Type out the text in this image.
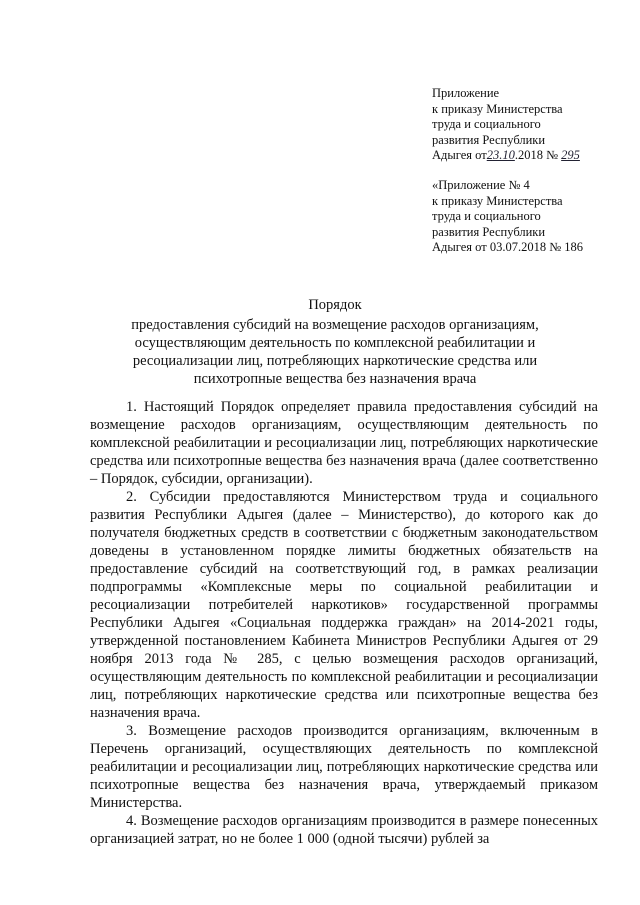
Приложение
к приказу Министерства
труда и социального
развития Республики
Адыгея от23.10.2018 № 295
«Приложение № 4
к приказу Министерства
труда и социального
развития Республики
Адыгея от 03.07.2018 № 186
Порядок
предоставления субсидий на возмещение расходов организациям,
осуществляющим деятельность по комплексной реабилитации и
ресоциализации лиц, потребляющих наркотические средства или
психотропные вещества без назначения врача

1. Настоящий Порядок определяет правила предоставления субсидий на возмещение расходов организациям, осуществляющим деятельность по комплексной реабилитации и ресоциализации лиц, потребляющих наркотические средства или психотропные вещества без назначения врача (далее соответственно – Порядок, субсидии, организации).

2. Субсидии предоставляются Министерством труда и социального развития Республики Адыгея (далее – Министерство), до которого как до получателя бюджетных средств в соответствии с бюджетным законодательством доведены в установленном порядке лимиты бюджетных обязательств на предоставление субсидий на соответствующий год, в рамках реализации подпрограммы «Комплексные меры по социальной реабилитации и ресоциализации потребителей наркотиков» государственной программы Республики Адыгея «Социальная поддержка граждан» на 2014-2021 годы, утвержденной постановлением Кабинета Министров Республики Адыгея от 29 ноября 2013 года № 285, с целью возмещения расходов организаций, осуществляющим деятельность по комплексной реабилитации и ресоциализации лиц, потребляющих наркотические средства или психотропные вещества без назначения врача.

3. Возмещение расходов производится организациям, включенным в Перечень организаций, осуществляющих деятельность по комплексной реабилитации и ресоциализации лиц, потребляющих наркотические средства или психотропные вещества без назначения врача, утверждаемый приказом Министерства.

4. Возмещение расходов организациям производится в размере понесенных организацией затрат, но не более 1 000 (одной тысячи) рублей за
